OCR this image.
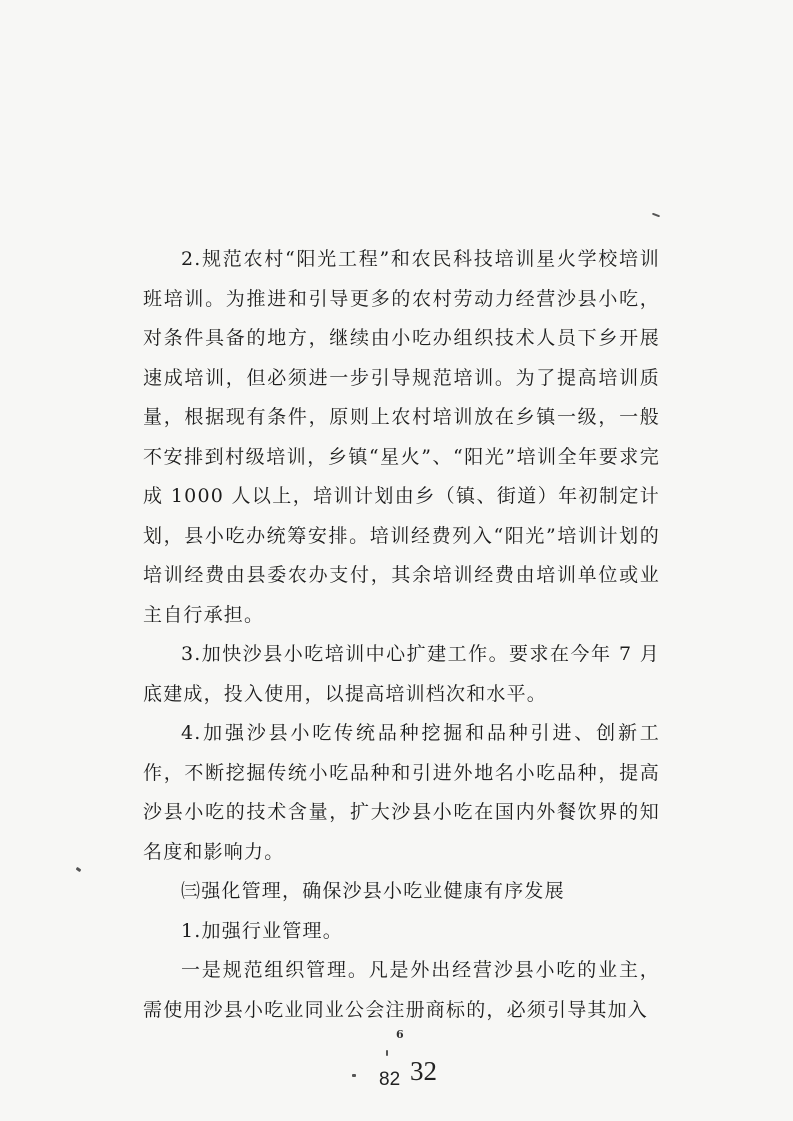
2.规范农村“阳光工程”和农民科技培训星火学校培训班培训。为推进和引导更多的农村劳动力经营沙县小吃，对条件具备的地方，继续由小吃办组织技术人员下乡开展速成培训，但必须进一步引导规范培训。为了提高培训质量，根据现有条件，原则上农村培训放在乡镇一级，一般不安排到村级培训，乡镇“星火”、“阳光”培训全年要求完成 1000 人以上，培训计划由乡（镇、街道）年初制定计划，县小吃办统筹安排。培训经费列入“阳光”培训计划的培训经费由县委农办支付，其余培训经费由培训单位或业主自行承担。

3.加快沙县小吃培训中心扩建工作。要求在今年 7 月底建成，投入使用，以提高培训档次和水平。

4.加强沙县小吃传统品种挖掘和品种引进、创新工作，不断挖掘传统小吃品种和引进外地名小吃品种，提高沙县小吃的技术含量，扩大沙县小吃在国内外餐饮界的知名度和影响力。

㈢强化管理，确保沙县小吃业健康有序发展

1.加强行业管理。

一是规范组织管理。凡是外出经营沙县小吃的业主，需使用沙县小吃业同业公会注册商标的，必须引导其加入

6
82 32
